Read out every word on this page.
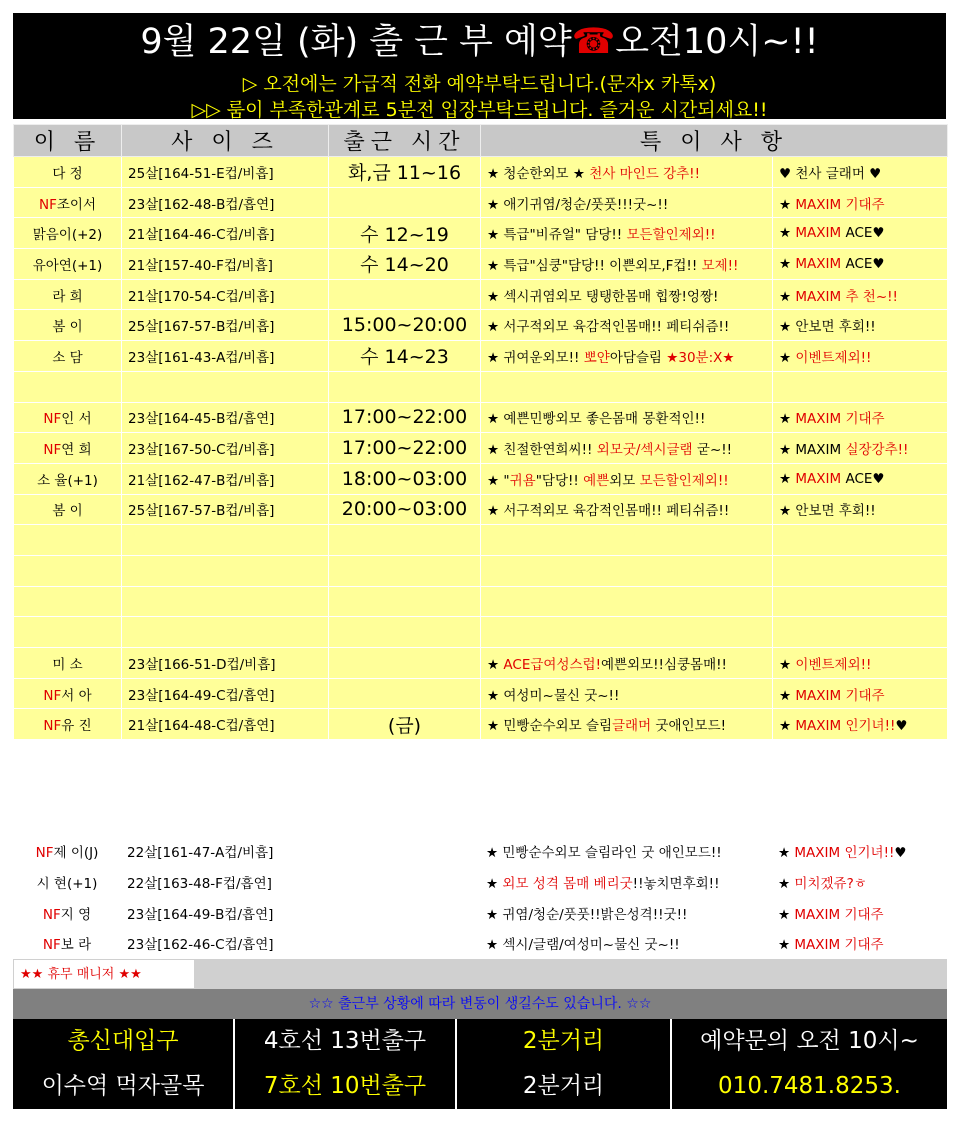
9월 22일 (화) 출 근 부 예약☎오전10시~!!
▷ 오전에는 가급적 전화 예약부탁드립니다.(문자x 카톡x)
▷▷ 룸이 부족한관계로 5분전 입장부탁드립니다. 즐거운 시간되세요!!
이 름	사 이 즈	출근 시간	특 이 사 항	
다 정	25살[164-51-E컵/비흡]	화,금 11~16	★ 청순한외모 ★ 천사 마인드 강추!!	♥ 천사 글래머 ♥
NF조이서	23살[162-48-B컵/흡연]		★ 애기귀염/청순/풋풋!!!굿~!!	★ MAXIM 기대주
맑음이(+2)	21살[164-46-C컵/비흡]	수 12~19	★ 특급"비쥬얼" 담당!! 모든할인제외!!	★ MAXIM ACE♥
유아연(+1)	21살[157-40-F컵/비흡]	수 14~20	★ 특급"심쿵"담당!! 이쁜외모,F컵!! 모제!!	★ MAXIM ACE♥
라 희	21살[170-54-C컵/비흡]		★ 섹시귀염외모 탱탱한몸매 힙짱!엉짱!	★ MAXIM 추 천~!!
봄 이	25살[167-57-B컵/비흡]	15:00~20:00	★ 서구적외모 육감적인몸매!! 페티쉬즘!!	★ 안보면 후회!!
소 담	23살[161-43-A컵/비흡]	수 14~23	★ 귀여운외모!! 뽀얀아담슬림 ★30분:X★	★ 이벤트제외!!

NF인 서	23살[164-45-B컵/흡연]	17:00~22:00	★ 예쁜민빵외모 좋은몸매 몽환적인!!	★ MAXIM 기대주
NF연 희	23살[167-50-C컵/비흡]	17:00~22:00	★ 친절한연희씨!! 외모굿/섹시글램 굳~!!	★ MAXIM 실장강추!!
소 율(+1)	21살[162-47-B컵/비흡]	18:00~03:00	★ "귀욤"담당!! 예쁜외모 모든할인제외!!	★ MAXIM ACE♥
봄 이	25살[167-57-B컵/비흡]	20:00~03:00	★ 서구적외모 육감적인몸매!! 페티쉬즘!!	★ 안보면 후회!!

미 소	23살[166-51-D컵/비흡]		★ ACE급여성스럽!예쁜외모!!심쿵몸매!!	★ 이벤트제외!!
NF서 아	23살[164-49-C컵/흡연]		★ 여성미~물신 굿~!!	★ MAXIM 기대주
NF유 진	21살[164-48-C컵/흡연]	(금)	★ 민빵순수외모 슬림글래머 굿애인모드!	★ MAXIM 인기녀!!♥
NF제 이(J)	22살[161-47-A컵/비흡]		★ 민빵순수외모 슬림라인 굿 애인모드!!	★ MAXIM 인기녀!!♥
시 현(+1)	22살[163-48-F컵/흡연]		★ 외모 성격 몸매 베리굿!!놓치면후회!!	★ 미치겠쥬?ㅎ
NF지 영	23살[164-49-B컵/흡연]		★ 귀염/청순/풋풋!!밝은성격!!굿!!	★ MAXIM 기대주
NF보 라	23살[162-46-C컵/흡연]		★ 섹시/글램/여성미~물신 굿~!!	★ MAXIM 기대주
★★ 휴무 매니저 ★★
☆☆ 출근부 상황에 따라 변동이 생길수도 있습니다. ☆☆
총신대입구	4호선 13번출구	2분거리	예약문의 오전 10시~
이수역 먹자골목	7호선 10번출구	2분거리	010.7481.8253.
